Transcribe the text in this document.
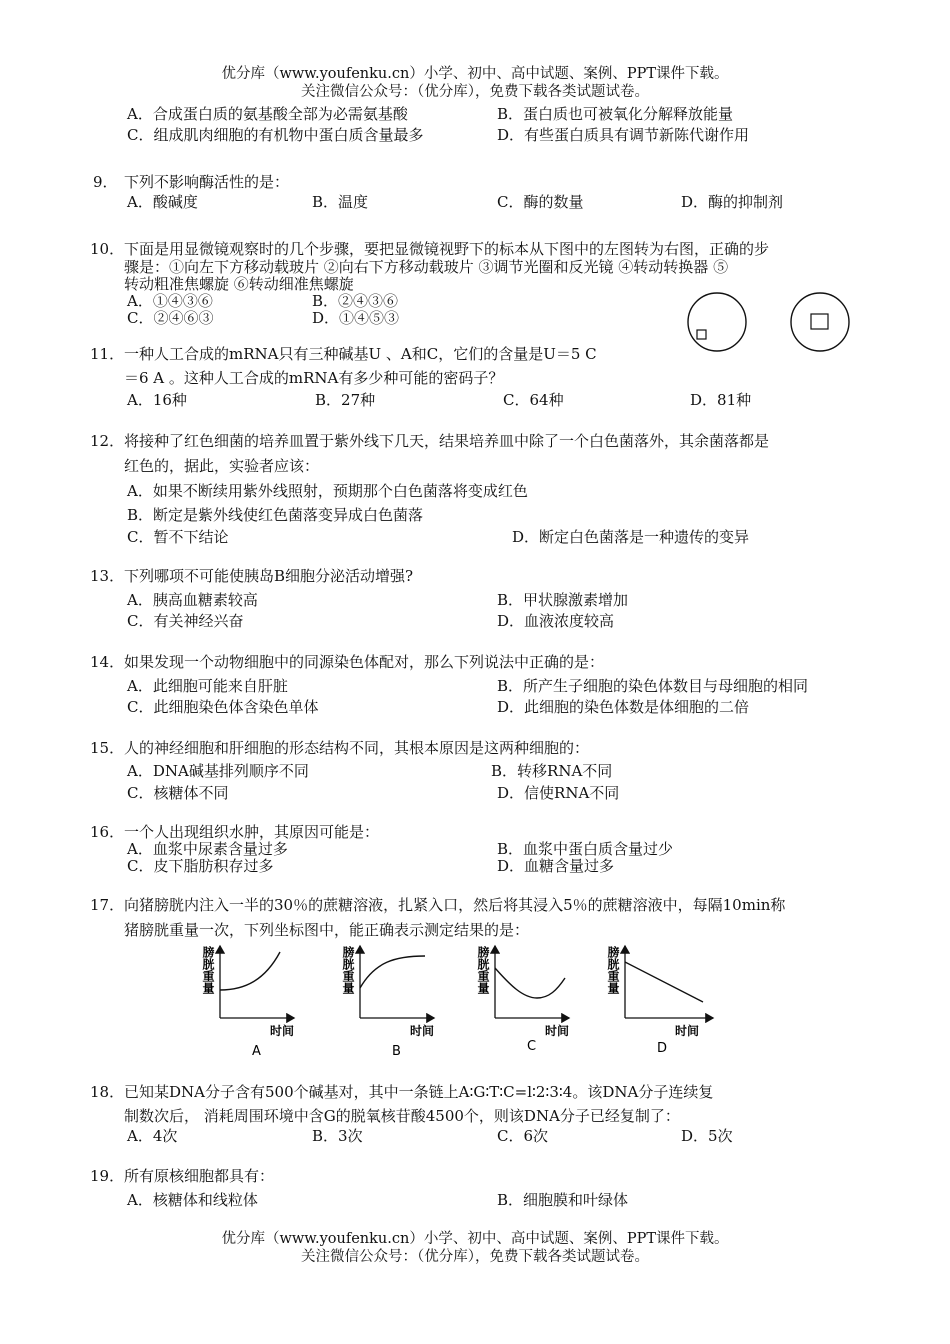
优分库（www.youfenku.cn）小学、初中、高中试题、案例、PPT课件下载。
关注微信公众号：（优分库），免费下载各类试题试卷。
A．合成蛋白质的氨基酸全部为必需氨基酸	B．蛋白质也可被氧化分解释放能量
C．组成肌肉细胞的有机物中蛋白质含量最多	D．有些蛋白质具有调节新陈代谢作用
9． 下列不影响酶活性的是：
A．酸碱度	B．温度	C．酶的数量	D．酶的抑制剂
10． 下面是用显微镜观察时的几个步骤，要把显微镜视野下的标本从下图中的左图转为右图，正确的步
骤是：①向左下方移动载玻片 ②向右下方移动载玻片 ③调节光圈和反光镜 ④转动转换器 ⑤
转动粗准焦螺旋 ⑥转动细准焦螺旋
A．①④③⑥	B．②④③⑥
C．②④⑥③	D．①④⑤③
11． 一种人工合成的mRNA只有三种碱基U 、A和C，它们的含量是U＝5 C
＝6 A 。这种人工合成的mRNA有多少种可能的密码子？
A．16种	B．27种	C．64种	D．81种
12． 将接种了红色细菌的培养皿置于紫外线下几天，结果培养皿中除了一个白色菌落外，其余菌落都是
红色的，据此，实验者应该：
A．如果不断续用紫外线照射，预期那个白色菌落将变成红色
B．断定是紫外线使红色菌落变异成白色菌落
C．暂不下结论	D．断定白色菌落是一种遗传的变异
13． 下列哪项不可能使胰岛B细胞分泌活动增强?
A．胰高血糖素较高	B．甲状腺激素增加
C．有关神经兴奋	D．血液浓度较高
14． 如果发现一个动物细胞中的同源染色体配对，那么下列说法中正确的是：
A．此细胞可能来自肝脏	B．所产生子细胞的染色体数目与母细胞的相同
C．此细胞染色体含染色单体	D．此细胞的染色体数是体细胞的二倍
15． 人的神经细胞和肝细胞的形态结构不同，其根本原因是这两种细胞的：
A．DNA碱基排列顺序不同	B．转移RNA不同
C．核糖体不同	D．信使RNA不同
16． 一个人出现组织水肿，其原因可能是：
A．血浆中尿素含量过多	B．血浆中蛋白质含量过少
C．皮下脂肪积存过多	D．血糖含量过多
17． 向猪膀胱内注入一半的30％的蔗糖溶液，扎紧入口，然后将其浸入5％的蔗糖溶液中，每隔10min称
猪膀胱重量一次，下列坐标图中，能正确表示测定结果的是：
膀胱重量
时间
A
膀胱重量
时间
B
膀胱重量
时间
C
膀胱重量
时间
D
18． 已知某DNA分子含有500个碱基对，其中一条链上A∶G∶T∶C=l∶2∶3∶4。该DNA分子连续复
制数次后， 消耗周围环境中含G的脱氧核苷酸4500个，则该DNA分子已经复制了：
A．4次	B．3次	C．6次	D．5次
19． 所有原核细胞都具有：
A．核糖体和线粒体	B．细胞膜和叶绿体
优分库（www.youfenku.cn）小学、初中、高中试题、案例、PPT课件下载。
关注微信公众号：（优分库），免费下载各类试题试卷。
